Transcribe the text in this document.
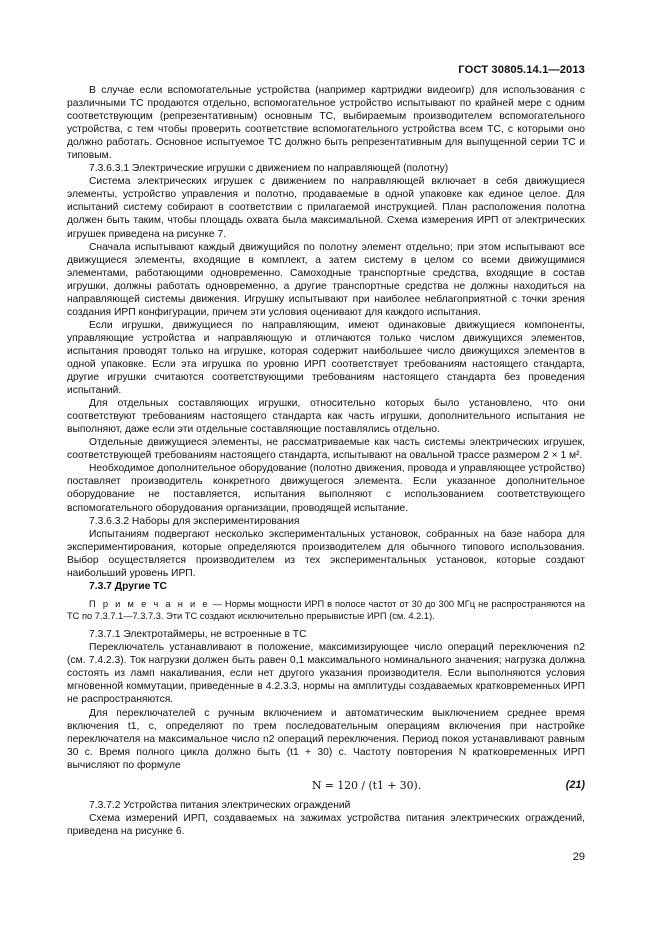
ГОСТ 30805.14.1—2013

В случае если вспомогательные устройства (например картриджи видеоигр) для использования с различными ТС продаются отдельно, вспомогательное устройство испытывают по крайней мере с одним соответствующим (репрезентативным) основным ТС, выбираемым производителем вспомогательного устройства, с тем чтобы проверить соответствие вспомогательного устройства всем ТС, с которыми оно должно работать. Основное испытуемое ТС должно быть репрезентативным для выпущенной серии ТС и типовым.

7.3.6.3.1 Электрические игрушки с движением по направляющей (полотну)

Система электрических игрушек с движением по направляющей включает в себя движущиеся элементы, устройство управления и полотно, продаваемые в одной упаковке как единое целое. Для испытаний систему собирают в соответствии с прилагаемой инструкцией. План расположения полотна должен быть таким, чтобы площадь охвата была максимальной. Схема измерения ИРП от электрических игрушек приведена на рисунке 7.

Сначала испытывают каждый движущийся по полотну элемент отдельно; при этом испытывают все движущиеся элементы, входящие в комплект, а затем систему в целом со всеми движущимися элементами, работающими одновременно. Самоходные транспортные средства, входящие в состав игрушки, должны работать одновременно, а другие транспортные средства не должны находиться на направляющей системы движения. Игрушку испытывают при наиболее неблагоприятной с точки зрения создания ИРП конфигурации, причем эти условия оценивают для каждого испытания.

Если игрушки, движущиеся по направляющим, имеют одинаковые движущиеся компоненты, управляющие устройства и направляющую и отличаются только числом движущихся элементов, испытания проводят только на игрушке, которая содержит наибольшее число движущихся элементов в одной упаковке. Если эта игрушка по уровню ИРП соответствует требованиям настоящего стандарта, другие игрушки считаются соответствующими требованиям настоящего стандарта без проведения испытаний.

Для отдельных составляющих игрушки, относительно которых было установлено, что они соответствуют требованиям настоящего стандарта как часть игрушки, дополнительного испытания не выполняют, даже если эти отдельные составляющие поставлялись отдельно.

Отдельные движущиеся элементы, не рассматриваемые как часть системы электрических игрушек, соответствующей требованиям настоящего стандарта, испытывают на овальной трассе размером 2 × 1 м².

Необходимое дополнительное оборудование (полотно движения, провода и управляющее устройство) поставляет производитель конкретного движущегося элемента. Если указанное дополнительное оборудование не поставляется, испытания выполняют с использованием соответствующего вспомогательного оборудования организации, проводящей испытание.

7.3.6.3.2 Наборы для экспериментирования

Испытаниям подвергают несколько экспериментальных установок, собранных на базе набора для экспериментирования, которые определяются производителем для обычного типового использования. Выбор осуществляется производителем из тех экспериментальных установок, которые создают наибольший уровень ИРП.

7.3.7 Другие ТС

П р и м е ч а н и е — Нормы мощности ИРП в полосе частот от 30 до 300 МГц не распространяются на ТС по 7.3.7.1—7.3.7.3. Эти ТС создают исключительно прерывистые ИРП (см. 4.2.1).

7.3.7.1 Электротаймеры, не встроенные в ТС

Переключатель устанавливают в положение, максимизирующее число операций переключения n2 (см. 7.4.2.3). Ток нагрузки должен быть равен 0,1 максимального номинального значения; нагрузка должна состоять из ламп накаливания, если нет другого указания производителя. Если выполняются условия мгновенной коммутации, приведенные в 4.2.3.3, нормы на амплитуды создаваемых кратковременных ИРП не распространяются.

Для переключателей с ручным включением и автоматическим выключением среднее время включения t1, с, определяют по трем последовательным операциям включения при настройке переключателя на максимальное число n2 операций переключения. Период покоя устанавливают равным 30 с. Время полного цикла должно быть (t1 + 30) с. Частоту повторения N кратковременных ИРП вычисляют по формуле

N = 120 / (t1 + 30).	(21)

7.3.7.2 Устройства питания электрических ограждений

Схема измерений ИРП, создаваемых на зажимах устройства питания электрических ограждений, приведена на рисунке 6.

29
